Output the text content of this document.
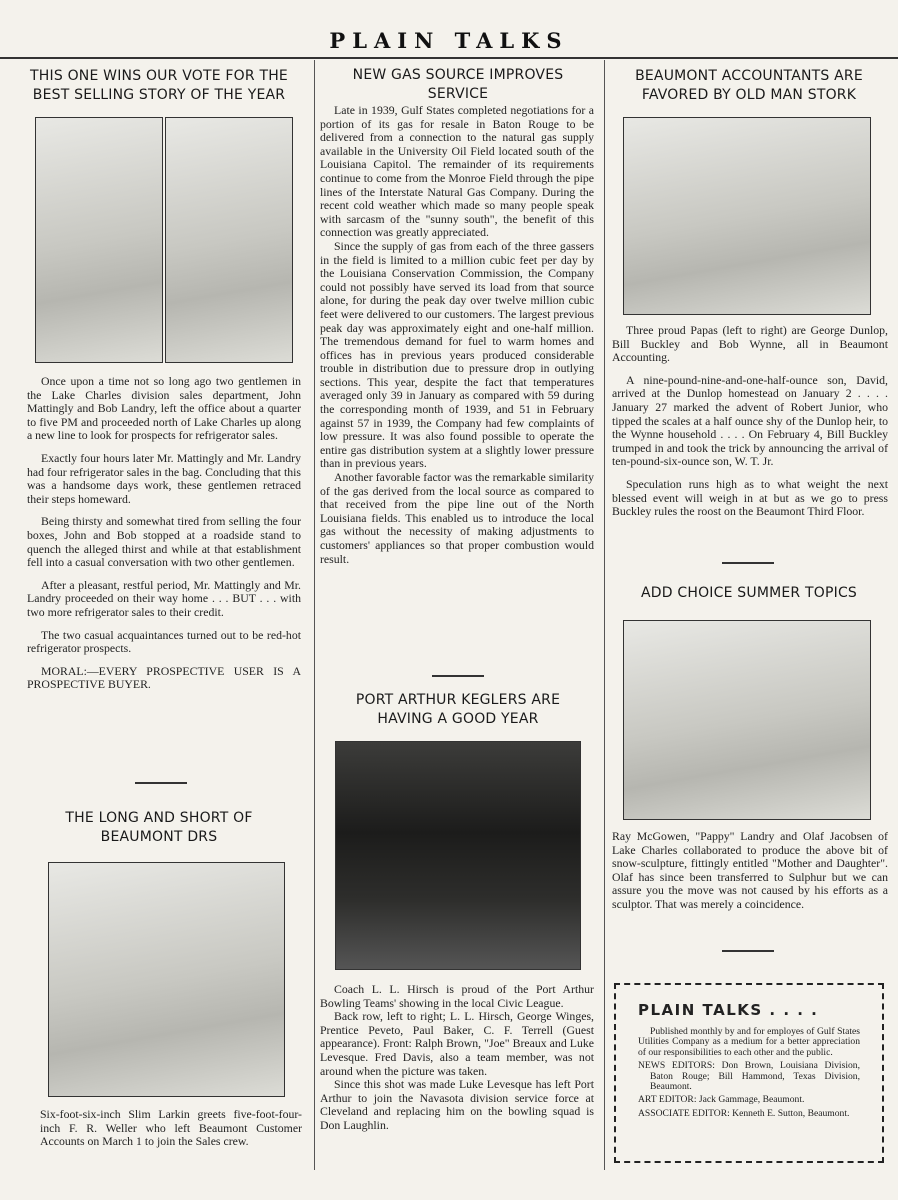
PLAIN TALKS
THIS ONE WINS OUR VOTE FOR THE BEST SELLING STORY OF THE YEAR

Once upon a time not so long ago two gentlemen in the Lake Charles division sales department, John Mattingly and Bob Landry, left the office about a quarter to five PM and proceeded north of Lake Charles up along a new line to look for prospects for refrigerator sales.

Exactly four hours later Mr. Mattingly and Mr. Landry had four refrigerator sales in the bag. Concluding that this was a handsome days work, these gentlemen retraced their steps homeward.

Being thirsty and somewhat tired from selling the four boxes, John and Bob stopped at a roadside stand to quench the alleged thirst and while at that establishment fell into a casual conversation with two other gentlemen.

After a pleasant, restful period, Mr. Mattingly and Mr. Landry proceeded on their way home . . . BUT . . . with two more refrigerator sales to their credit.

The two casual acquaintances turned out to be red-hot refrigerator prospects.

MORAL:—EVERY PROSPECTIVE USER IS A PROSPECTIVE BUYER.

THE LONG AND SHORT OF BEAUMONT DRS
Six-foot-six-inch Slim Larkin greets five-foot-four-inch F. R. Weller who left Beaumont Customer Accounts on March 1 to join the Sales crew.
NEW GAS SOURCE IMPROVES SERVICE

Late in 1939, Gulf States completed negotiations for a portion of its gas for resale in Baton Rouge to be delivered from a connection to the natural gas supply available in the University Oil Field located south of the Louisiana Capitol. The remainder of its requirements continue to come from the Monroe Field through the pipe lines of the Interstate Natural Gas Company. During the recent cold weather which made so many people speak with sarcasm of the "sunny south", the benefit of this connection was greatly appreciated.

Since the supply of gas from each of the three gassers in the field is limited to a million cubic feet per day by the Louisiana Conservation Commission, the Company could not possibly have served its load from that source alone, for during the peak day over twelve million cubic feet were delivered to our customers. The largest previous peak day was approximately eight and one-half million. The tremendous demand for fuel to warm homes and offices has in previous years produced considerable trouble in distribution due to pressure drop in outlying sections. This year, despite the fact that temperatures averaged only 39 in January as compared with 59 during the corresponding month of 1939, and 51 in February against 57 in 1939, the Company had few complaints of low pressure. It was also found possible to operate the entire gas distribution system at a slightly lower pressure than in previous years.

Another favorable factor was the remarkable similarity of the gas derived from the local source as compared to that received from the pipe line out of the North Louisiana fields. This enabled us to introduce the local gas without the necessity of making adjustments to customers' appliances so that proper combustion would result.

PORT ARTHUR KEGLERS ARE HAVING A GOOD YEAR

Coach L. L. Hirsch is proud of the Port Arthur Bowling Teams' showing in the local Civic League.

Back row, left to right; L. L. Hirsch, George Winges, Prentice Peveto, Paul Baker, C. F. Terrell (Guest appearance). Front: Ralph Brown, "Joe" Breaux and Luke Levesque. Fred Davis, also a team member, was not around when the picture was taken.

Since this shot was made Luke Levesque has left Port Arthur to join the Navasota division service force at Cleveland and replacing him on the bowling squad is Don Laughlin.

BEAUMONT ACCOUNTANTS ARE FAVORED BY OLD MAN STORK

Three proud Papas (left to right) are George Dunlop, Bill Buckley and Bob Wynne, all in Beaumont Accounting.

A nine-pound-nine-and-one-half-ounce son, David, arrived at the Dunlop homestead on January 2 . . . . January 27 marked the advent of Robert Junior, who tipped the scales at a half ounce shy of the Dunlop heir, to the Wynne household . . . . On February 4, Bill Buckley trumped in and took the trick by announcing the arrival of ten-pound-six-ounce son, W. T. Jr.

Speculation runs high as to what weight the next blessed event will weigh in at but as we go to press Buckley rules the roost on the Beaumont Third Floor.

ADD CHOICE SUMMER TOPICS
Ray McGowen, "Pappy" Landry and Olaf Jacobsen of Lake Charles collaborated to produce the above bit of snow-sculpture, fittingly entitled "Mother and Daughter". Olaf has since been transferred to Sulphur but we can assure you the move was not caused by his efforts as a sculptor. That was merely a coincidence.
PLAIN TALKS . . . .

Published monthly by and for employes of Gulf States Utilities Company as a medium for a better appreciation of our responsibilities to each other and the public.

NEWS EDITORS: Don Brown, Louisiana Division, Baton Rouge; Bill Hammond, Texas Division, Beaumont.

ART EDITOR: Jack Gammage, Beaumont.

ASSOCIATE EDITOR: Kenneth E. Sutton, Beaumont.
